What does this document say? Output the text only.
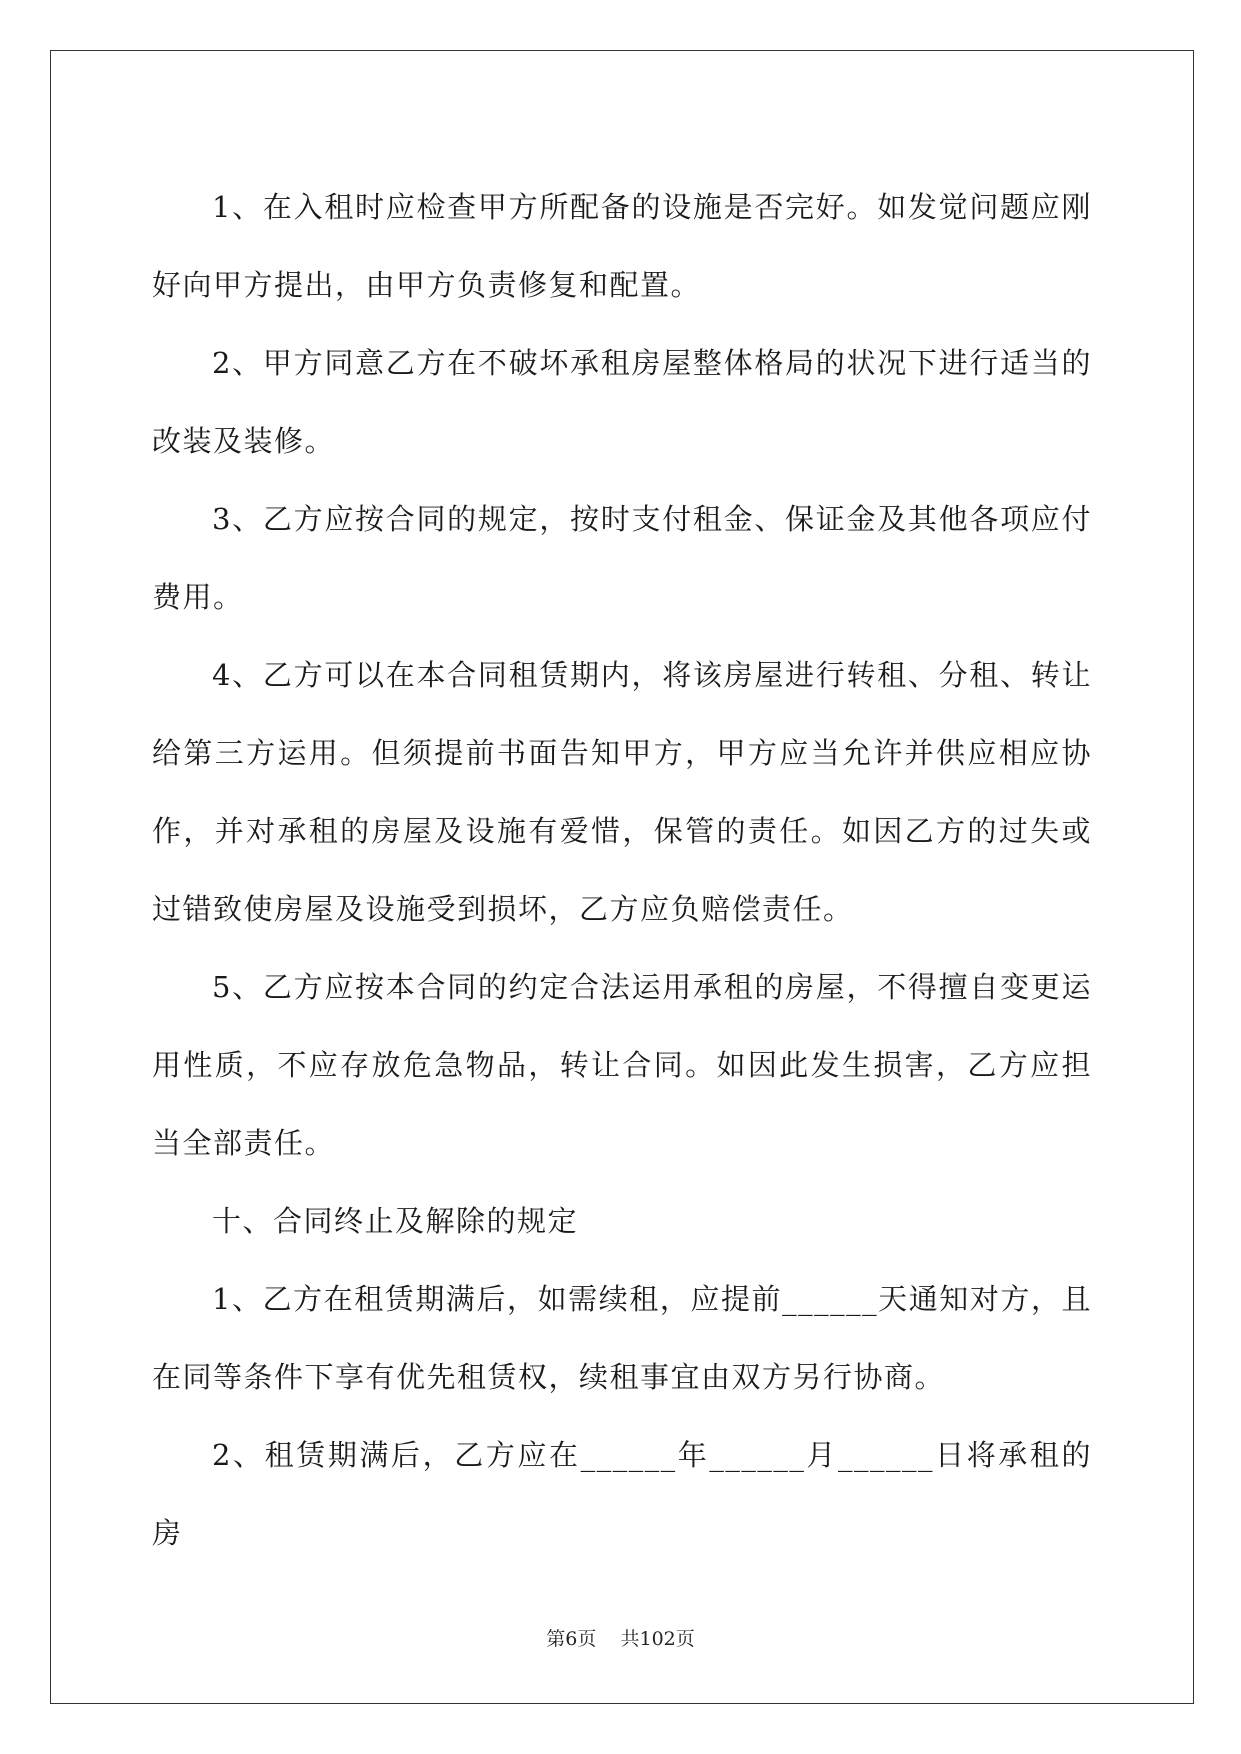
1、在入租时应检查甲方所配备的设施是否完好。如发觉问题应刚好向甲方提出，由甲方负责修复和配置。

2、甲方同意乙方在不破坏承租房屋整体格局的状况下进行适当的改装及装修。

3、乙方应按合同的规定，按时支付租金、保证金及其他各项应付费用。

4、乙方可以在本合同租赁期内，将该房屋进行转租、分租、转让给第三方运用。但须提前书面告知甲方，甲方应当允许并供应相应协作，并对承租的房屋及设施有爱惜，保管的责任。如因乙方的过失或过错致使房屋及设施受到损坏，乙方应负赔偿责任。

5、乙方应按本合同的约定合法运用承租的房屋，不得擅自变更运用性质，不应存放危急物品，转让合同。如因此发生损害，乙方应担当全部责任。

十、合同终止及解除的规定

1、乙方在租赁期满后，如需续租，应提前______天通知对方，且在同等条件下享有优先租赁权，续租事宜由双方另行协商。

2、租赁期满后，乙方应在______年______月______日将承租的房

第6页 共102页
